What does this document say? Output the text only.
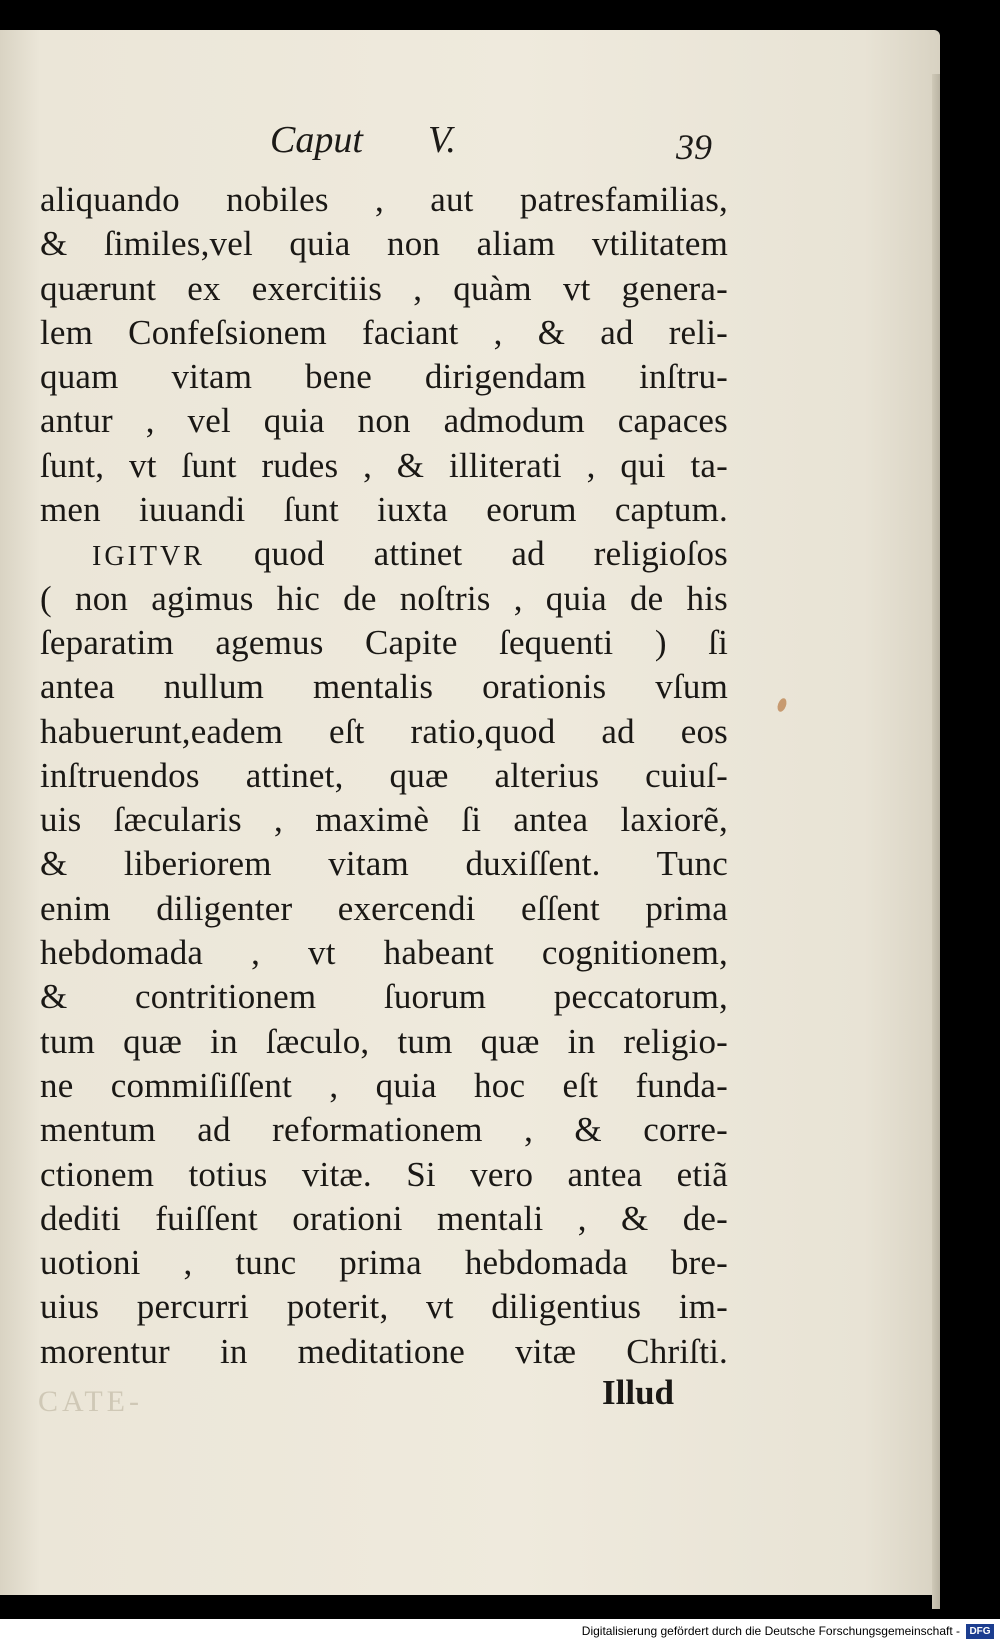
Caput V.	39
aliquando nobiles , aut patresfamilias,
& ſimiles,vel quia non aliam vtilitatem
quærunt ex exercitiis , quàm vt genera-
lem Confeſsionem faciant , & ad reli-
quam vitam bene dirigendam inſtru-
antur , vel quia non admodum capaces
ſunt, vt ſunt rudes , & illiterati , qui ta-
men iuuandi ſunt iuxta eorum captum.
IGITVR quod attinet ad religioſos
( non agimus hic de noſtris , quia de his
ſeparatim agemus Capite ſequenti ) ſi
antea nullum mentalis orationis vſum
habuerunt,eadem eſt ratio,quod ad eos
inſtruendos attinet, quæ alterius cuiuſ-
uis ſæcularis , maximè ſi antea laxiorẽ,
& liberiorem vitam duxiſſent. Tunc
enim diligenter exercendi eſſent prima
hebdomada , vt habeant cognitionem,
& contritionem ſuorum peccatorum,
tum quæ in ſæculo, tum quæ in religio-
ne commiſiſſent , quia hoc eſt funda-
mentum ad reformationem , & corre-
ctionem totius vitæ. Si vero antea etiã
dediti fuiſſent orationi mentali , & de-
uotioni , tunc prima hebdomada bre-
uius percurri poterit, vt diligentius im-
morentur in meditatione vitæ Chriſti.
CATE-	Illud
Digitalisierung gefördert durch die Deutsche Forschungsgemeinschaft - DFG
